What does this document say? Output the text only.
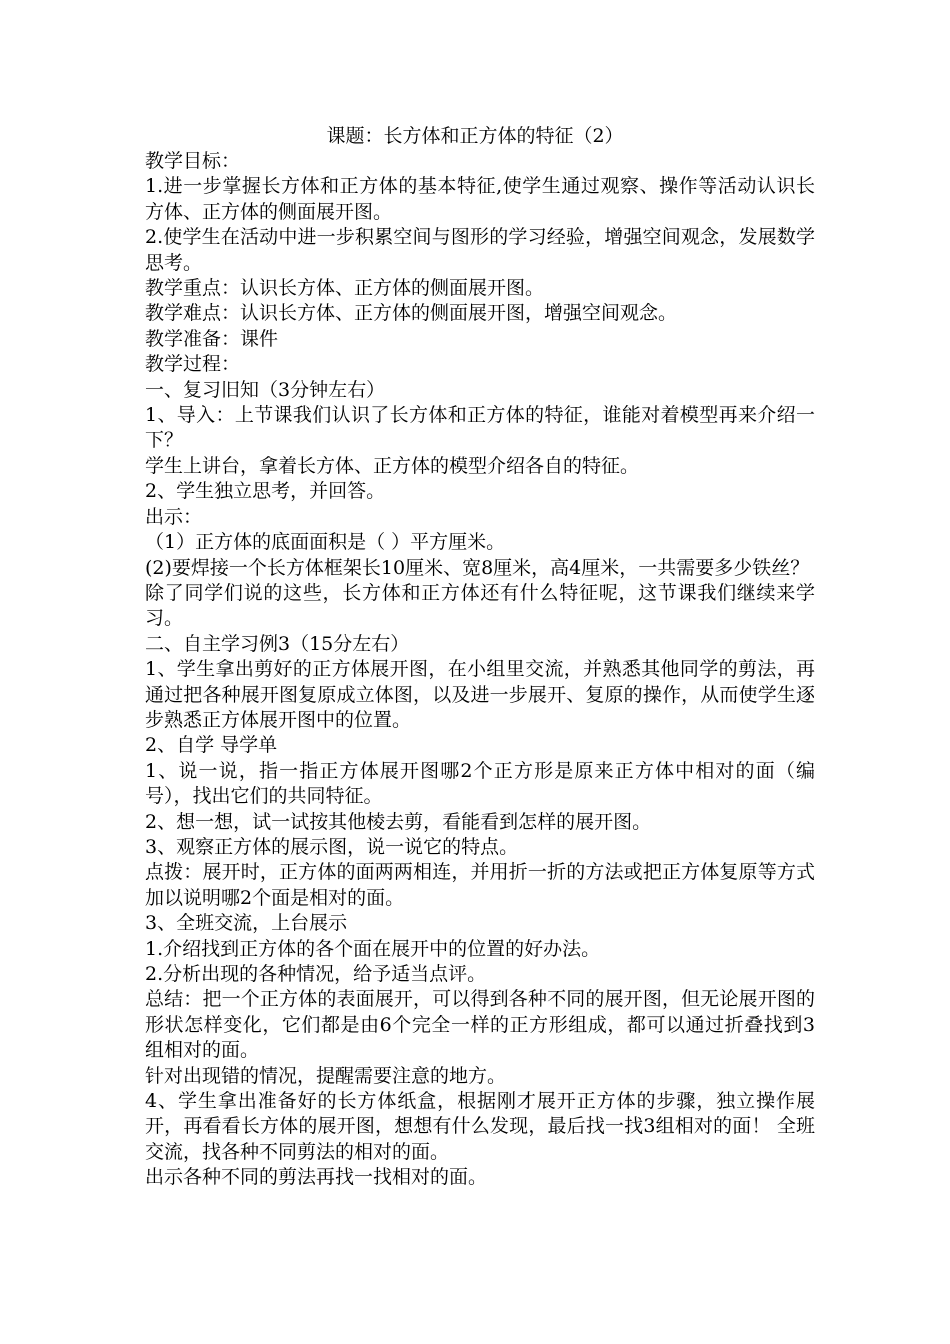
课题：长方体和正方体的特征（2）

教学目标：

1.进一步掌握长方体和正方体的基本特征,使学生通过观察、操作等活动认识长方体、正方体的侧面展开图。

2.使学生在活动中进一步积累空间与图形的学习经验，增强空间观念，发展数学思考。

教学重点：认识长方体、正方体的侧面展开图。

教学难点：认识长方体、正方体的侧面展开图，增强空间观念。

教学准备：课件

教学过程：

一、复习旧知（3分钟左右）

1、导入：上节课我们认识了长方体和正方体的特征，谁能对着模型再来介绍一下？

学生上讲台，拿着长方体、正方体的模型介绍各自的特征。

2、学生独立思考，并回答。

出示：

（1）正方体的底面面积是（ ）平方厘米。

(2)要焊接一个长方体框架长10厘米、宽8厘米，高4厘米，一共需要多少铁丝？

除了同学们说的这些，长方体和正方体还有什么特征呢，这节课我们继续来学习。

二、自主学习例3（15分左右）

1、学生拿出剪好的正方体展开图，在小组里交流，并熟悉其他同学的剪法，再通过把各种展开图复原成立体图，以及进一步展开、复原的操作，从而使学生逐步熟悉正方体展开图中的位置。

2、自学 导学单

1、说一说，指一指正方体展开图哪2个正方形是原来正方体中相对的面（编号），找出它们的共同特征。

2、想一想，试一试按其他棱去剪，看能看到怎样的展开图。

3、观察正方体的展示图，说一说它的特点。

点拨：展开时，正方体的面两两相连，并用折一折的方法或把正方体复原等方式加以说明哪2个面是相对的面。

3、全班交流，上台展示

1.介绍找到正方体的各个面在展开中的位置的好办法。

2.分析出现的各种情况，给予适当点评。

总结：把一个正方体的表面展开，可以得到各种不同的展开图，但无论展开图的形状怎样变化，它们都是由6个完全一样的正方形组成，都可以通过折叠找到3组相对的面。

针对出现错的情况，提醒需要注意的地方。

4、学生拿出准备好的长方体纸盒，根据刚才展开正方体的步骤，独立操作展开，再看看长方体的展开图，想想有什么发现，最后找一找3组相对的面！ 全班交流，找各种不同剪法的相对的面。

出示各种不同的剪法再找一找相对的面。
